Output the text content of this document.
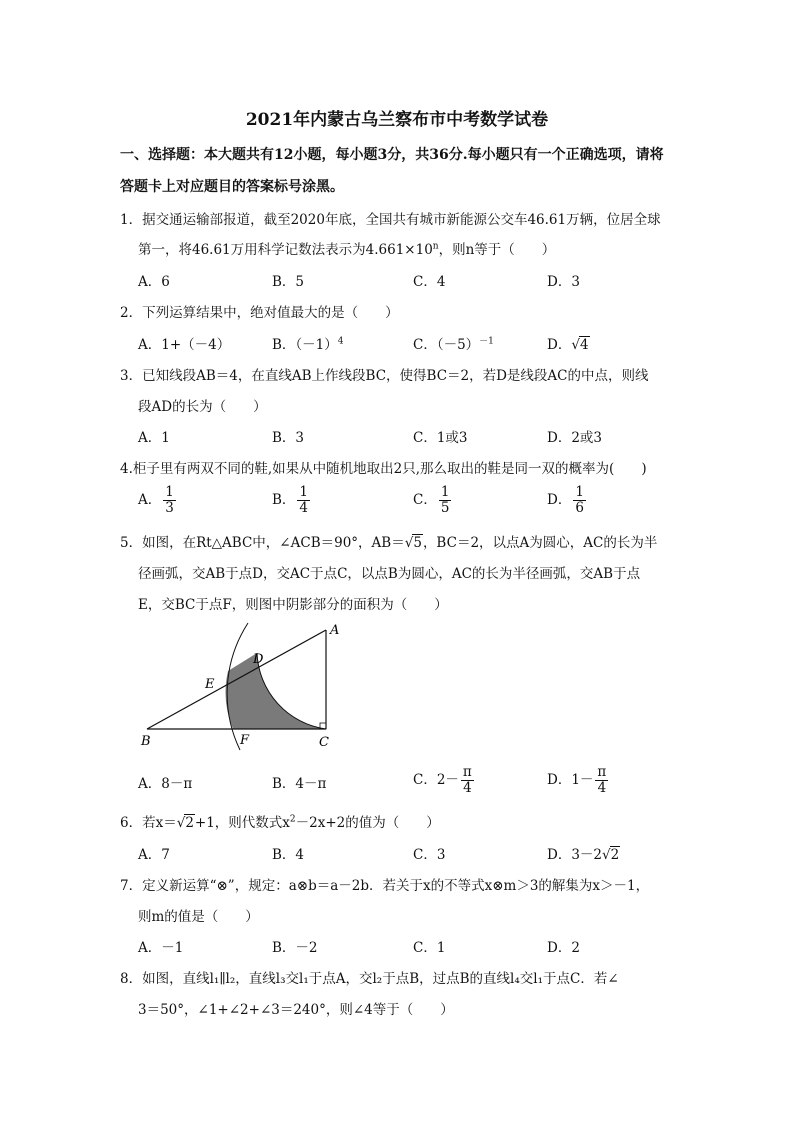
2021年内蒙古乌兰察布市中考数学试卷
一、选择题：本大题共有12小题，每小题3分，共36分.每小题只有一个正确选项，请将
答题卡上对应题目的答案标号涂黑。
1．据交通运输部报道，截至2020年底，全国共有城市新能源公交车46.61万辆，位居全球
第一，将46.61万用科学记数法表示为$4.661\times 10^n$，则n等于（　　）
A．6	B．5	C．4	D．3
2．下列运算结果中，绝对值最大的是（　　）
A．1+（－4）	B．$(-1)^4$	C．$(-5)^{-1}$	D．√4
3．已知线段AB＝4，在直线AB上作线段BC，使得BC＝2，若D是线段AC的中点，则线
段AD的长为（　　）
A．1	B．3	C．1或3	D．2或3
4.柜子里有两双不同的鞋,如果从中随机地取出2只,那么取出的鞋是同一双的概率为(　　)
A． $\frac{1}{3}$	B． $\frac{1}{4}$	C． $\frac{1}{5}$	D． $\frac{1}{6}$
5．如图，在Rt△ABC中，∠ACB＝90°，AB＝√5，BC＝2，以点A为圆心，AC的长为半
径画弧，交AB于点D，交AC于点C，以点B为圆心，AC的长为半径画弧，交AB于点
E，交BC于点F，则图中阴影部分的面积为（　　）
A
D
E
B	F	C
A．8－π	B．4－π	C．$2- \frac{\pi}{4}$	D．$1- \frac{\pi}{4}$
6．若x＝√2+1，则代数式$x^2-2x+2$的值为（　　）
A．7	B．4	C．3	D．3－2√2
7．定义新运算“⊗”，规定：a⊗b＝a－2b．若关于x的不等式x⊗m＞3的解集为x＞－1，
则m的值是（　　）
A．－1	B．－2	C．1	D．2
8．如图，直线l₁∥l₂，直线l₃交l₁于点A，交l₂于点B，过点B的直线l₄交l₁于点C．若∠
3＝50°，∠1+∠2+∠3＝240°，则∠4等于（　　）
